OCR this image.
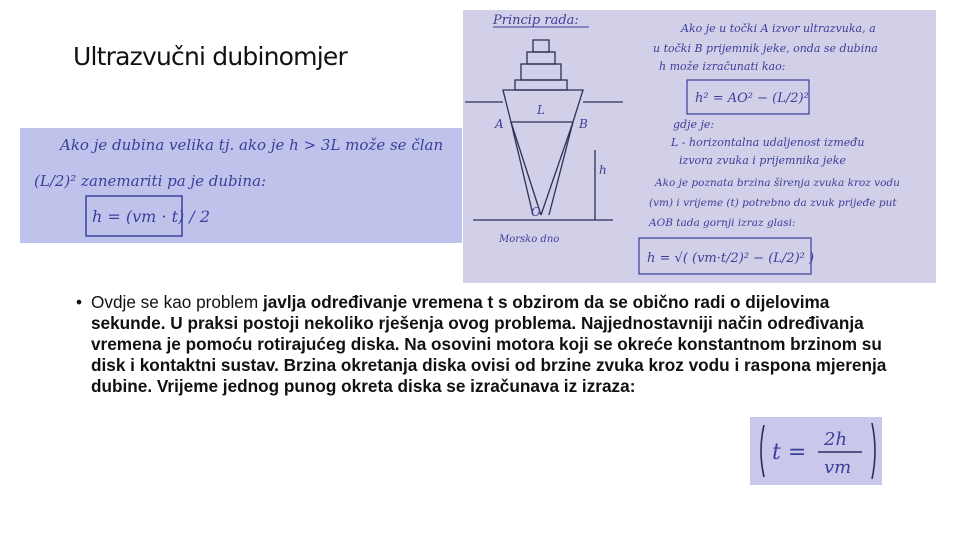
Ultrazvučni dubinomjer
Ako je dubina velika tj. ako je h > 3L može se član
(L/2)² zanemariti pa je dubina:
h = (vm · t) / 2
Princip rada:
A	B
L
O
h
Morsko dno
Ako je u točki A izvor ultrazvuka, a
u točki B prijemnik jeke, onda se dubina
h može izračunati kao:
h² = AO² − (L/2)²
gdje je:
L - horizontalna udaljenost između
izvora zvuka i prijemnika jeke
Ako je poznata brzina širenja zvuka kroz vodu
(vm) i vrijeme (t) potrebno da zvuk prijeđe put
AOB tada gornji izraz glasi:
h = √( (vm·t/2)² − (L/2)² )
• Ovdje se kao problem javlja određivanje vremena t s obzirom da se obično radi o dijelovima sekunde. U praksi postoji nekoliko rješenja ovog problema. Najjednostavniji način određivanja vremena je pomoću rotirajućeg diska. Na osovini motora koji se okreće konstantnom brzinom su disk i kontaktni sustav. Brzina okretanja diska ovisi od brzine zvuka kroz vodu i raspona mjerenja dubine. Vrijeme jednog punog okreta diska se izračunava iz izraza:
t =
2h
vm
